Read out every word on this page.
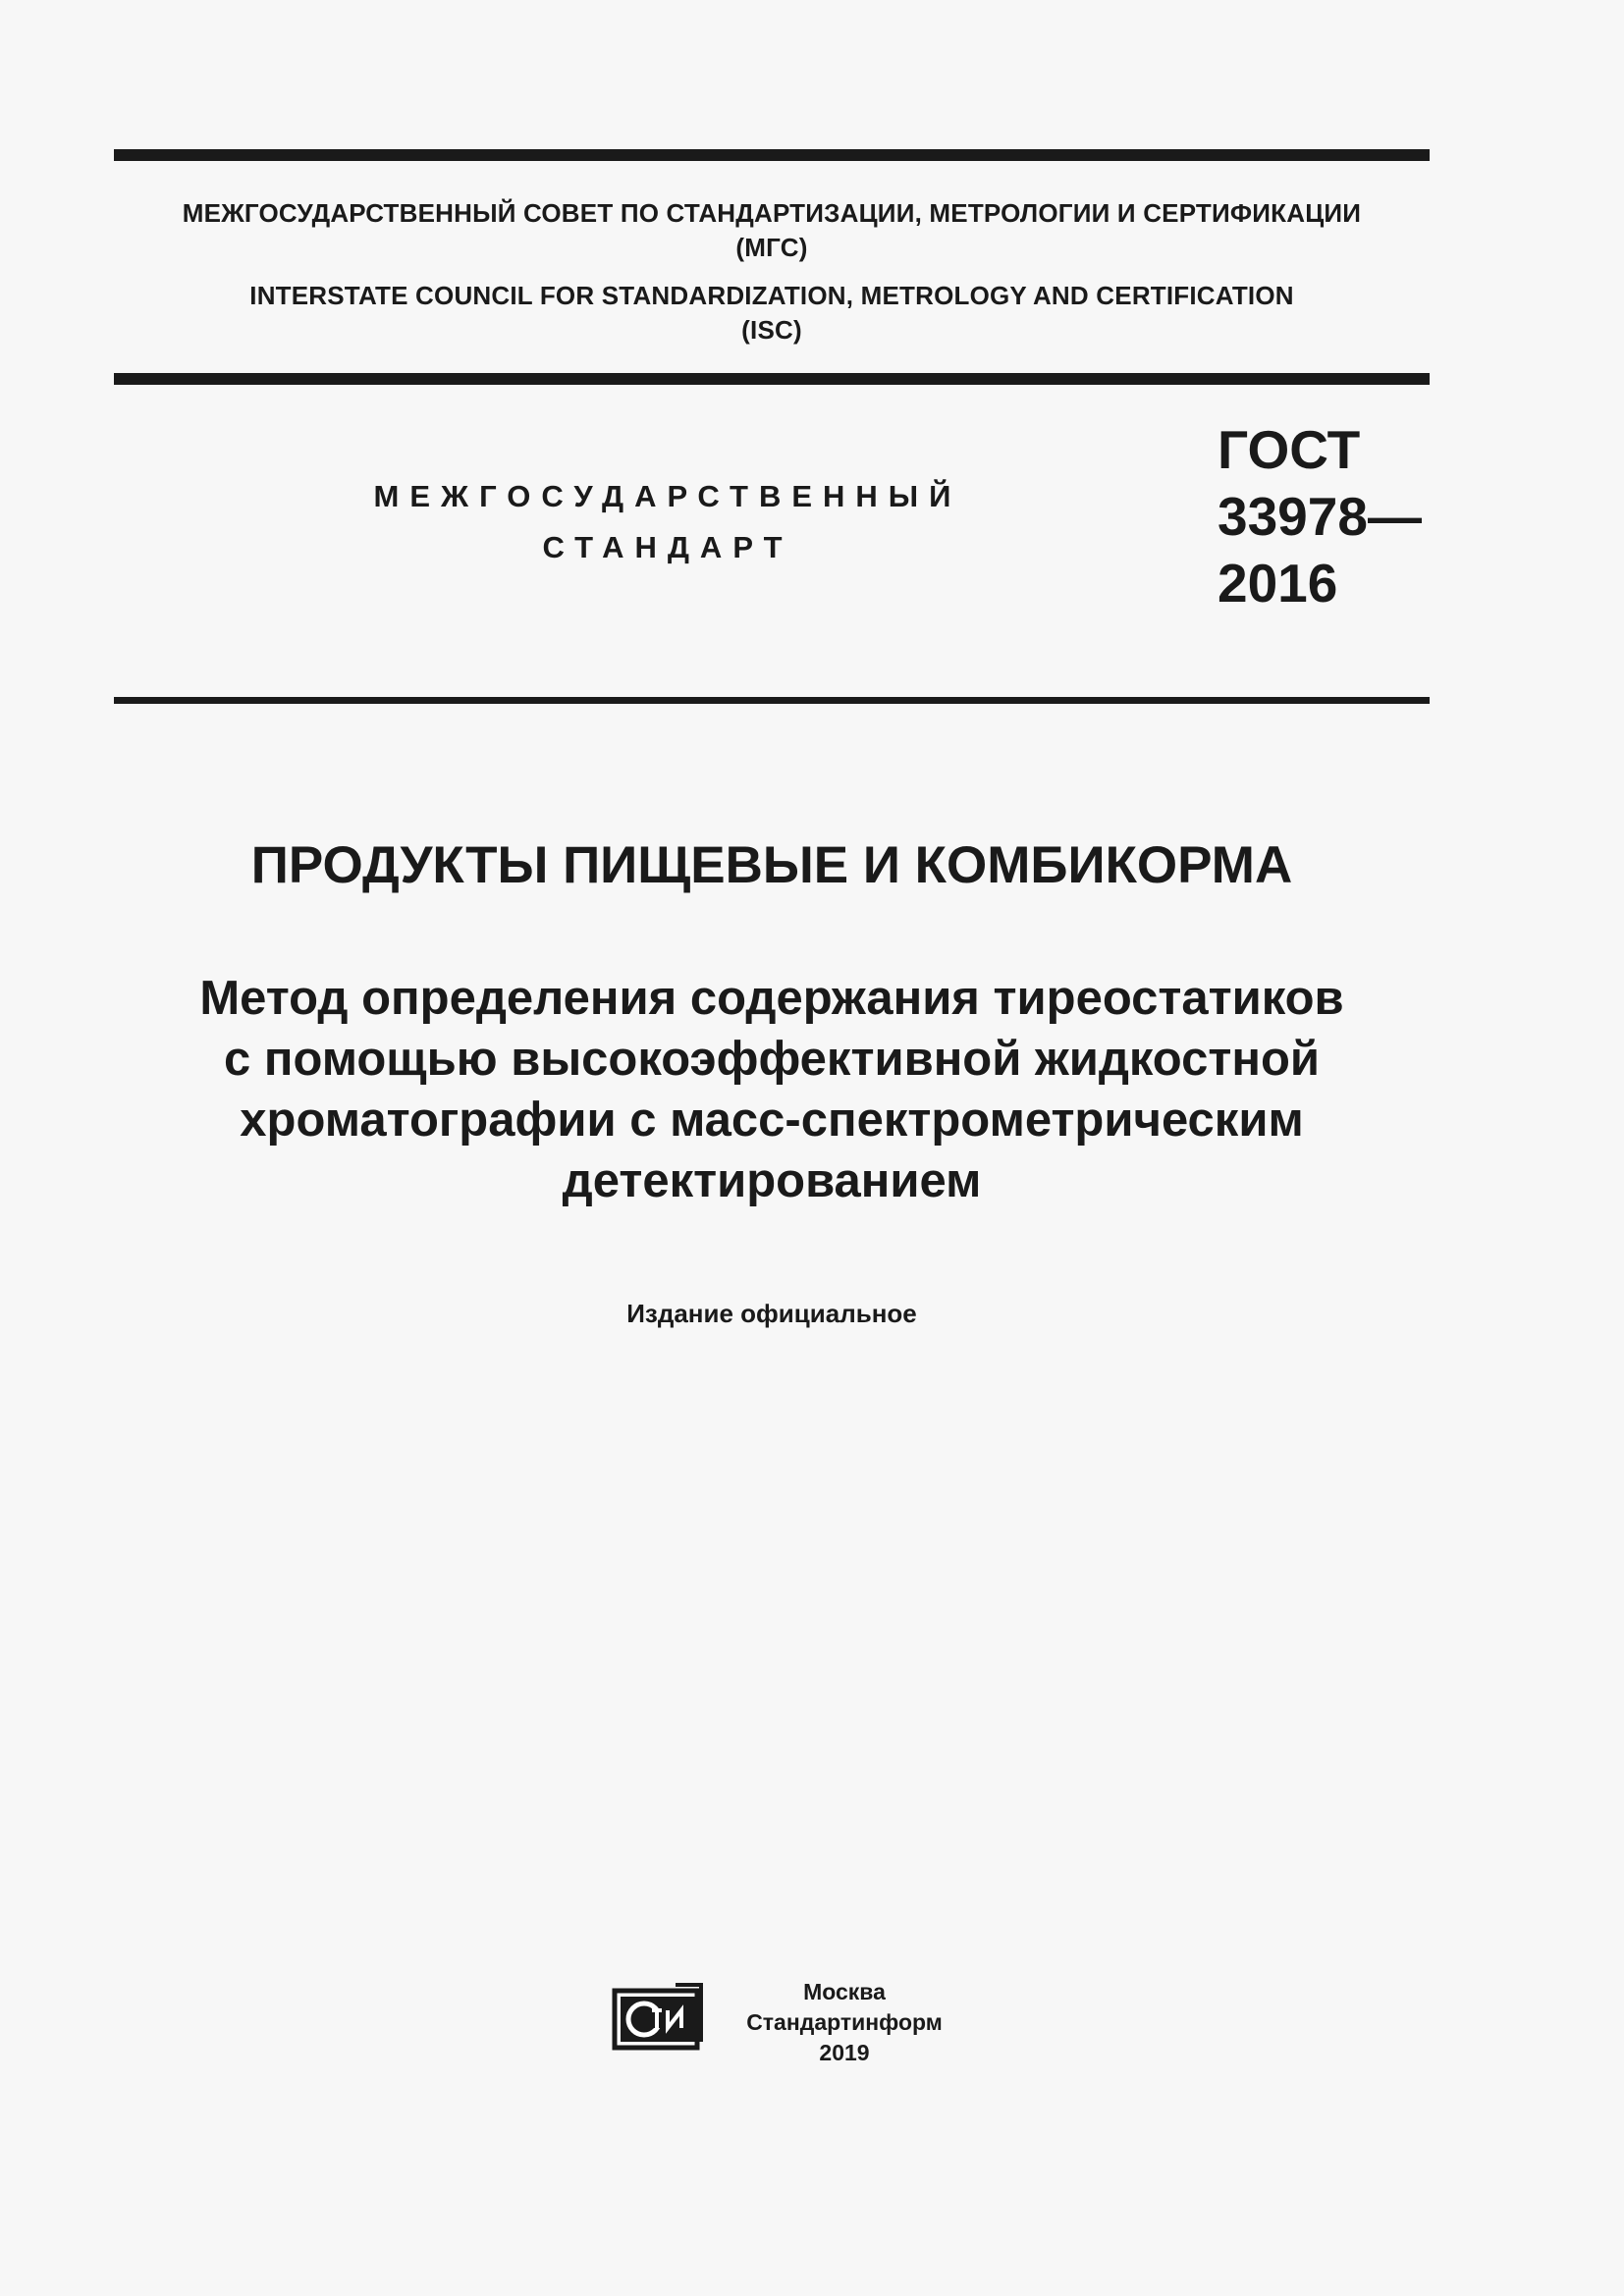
МЕЖГОСУДАРСТВЕННЫЙ СОВЕТ ПО СТАНДАРТИЗАЦИИ, МЕТРОЛОГИИ И СЕРТИФИКАЦИИ
(МГС)
INTERSTATE COUNCIL FOR STANDARDIZATION, METROLOGY AND CERTIFICATION
(ISC)
МЕЖГОСУДАРСТВЕННЫЙ
СТАНДАРТ
ГОСТ
33978—
2016
ПРОДУКТЫ ПИЩЕВЫЕ И КОМБИКОРМА
Метод определения содержания тиреостатиков
с помощью высокоэффективной жидкостной
хроматографии с масс-спектрометрическим
детектированием
Издание официальное
Москва
Стандартинформ
2019
